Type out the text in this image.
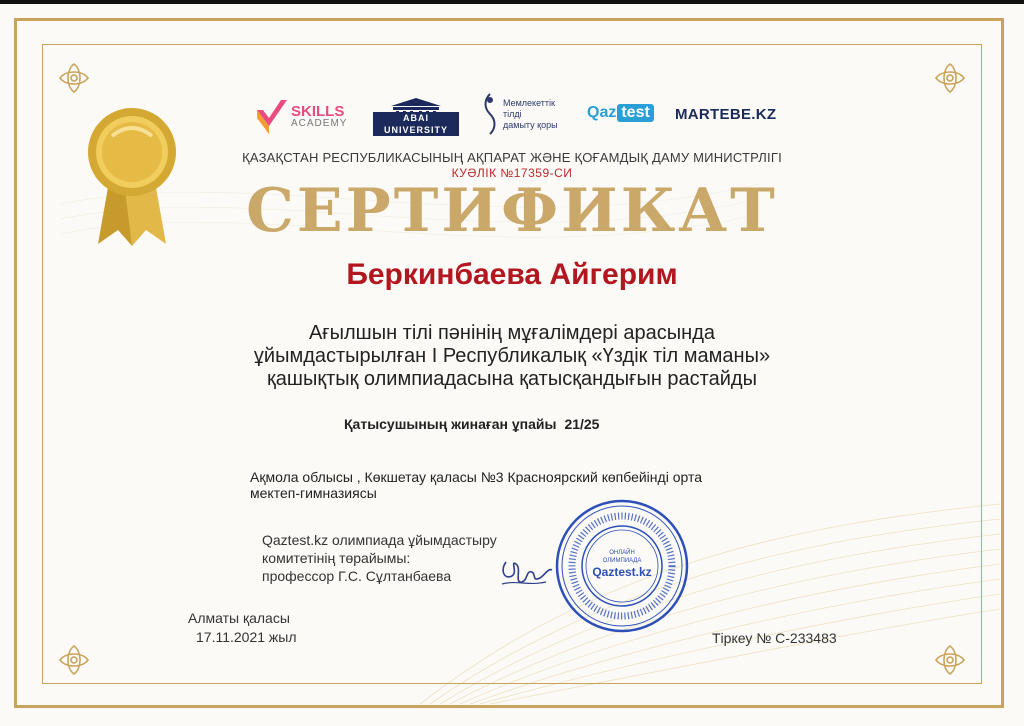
SKILLS
ACADEMY	ABAI UNIVERSITY
Мемлекеттік
тілді
дамыту қоры
Qaz test MARTEBE.KZ
ҚАЗАҚСТАН РЕСПУБЛИКАСЫНЫҢ АҚПАРАТ ЖӘНЕ ҚОҒАМДЫҚ ДАМУ МИНИСТРЛІГІ
КУӘЛІК №17359-СИ
СЕРТИФИКАТ
Беркинбаева Айгерим
Ағылшын тілі пәнінің мұғалімдері арасында
ұйымдастырылған І Республикалық «Үздік тіл маманы»
қашықтық олимпиадасына қатысқандығын растайды
Қатысушының жинаған ұпайы 21/25
Ақмола облысы , Көкшетау қаласы №3 Красноярский көпбейінді орта
мектеп-гимназиясы
Qaztest.kz олимпиада ұйымдастыру
комитетінің төрайымы:
профессор Г.С. Сұлтанбаева
ОНЛАЙН
ОЛИМПИАДА
Qaztest.kz
Алматы қаласы
17.11.2021 жыл	Тіркеу № С-233483
